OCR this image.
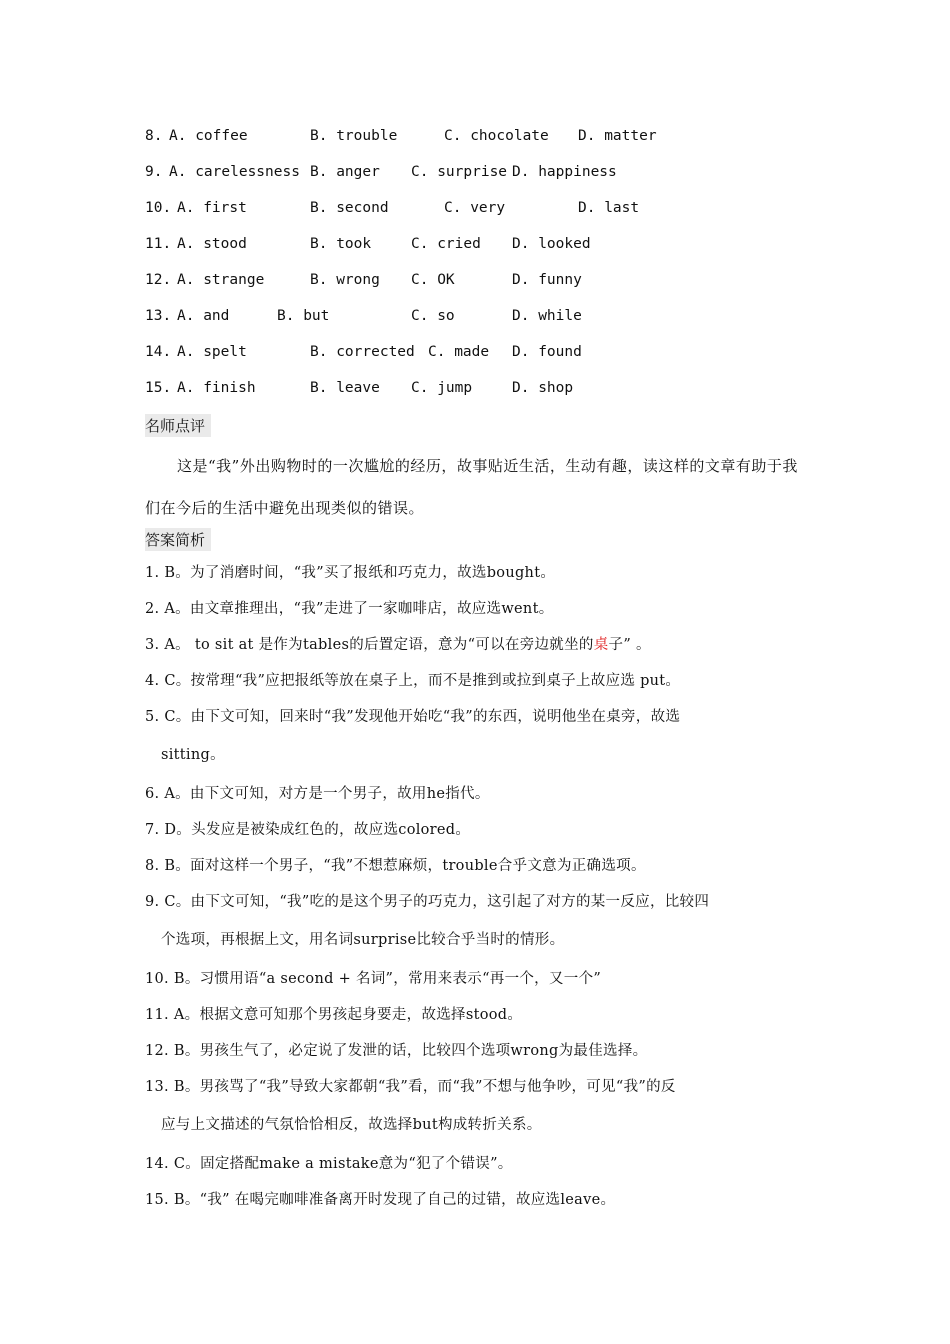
8. A. coffee	B. trouble	C. chocolate D. matter
9. A. carelessness B. anger C. surprise D. happiness
10. A. first	B. second	C. very	D. last
11. A. stood	B. took	C. cried D. looked
12. A. strange	B. wrong C. OK	D. funny
13. A. and	B. but	C. so	D. while
14. A. spelt	B. corrected C. made D. found
15. A. finish	B. leave C. jump	D. shop
名师点评
这是“我”外出购物时的一次尴尬的经历，故事贴近生活，生动有趣，读这样的文章有助于我们在今后的生活中避免出现类似的错误。
答案简析
1. B。为了消磨时间，“我”买了报纸和巧克力，故选bought。
2. A。由文章推理出，“我”走进了一家咖啡店，故应选went。
3. A。 to sit at 是作为tables的后置定语，意为“可以在旁边就坐的桌子” 。
4. C。按常理“我”应把报纸等放在桌子上，而不是推到或拉到桌子上故应选 put。
5. C。由下文可知，回来时“我”发现他开始吃“我”的东西，说明他坐在桌旁，故选
sitting。
6. A。由下文可知，对方是一个男子，故用he指代。
7. D。头发应是被染成红色的，故应选colored。
8. B。面对这样一个男子，“我”不想惹麻烦，trouble合乎文意为正确选项。
9. C。由下文可知，“我”吃的是这个男子的巧克力，这引起了对方的某一反应，比较四
个选项，再根据上文，用名词surprise比较合乎当时的情形。
10. B。习惯用语“a second + 名词”，常用来表示“再一个，又一个”
11. A。根据文意可知那个男孩起身要走，故选择stood。
12. B。男孩生气了，必定说了发泄的话，比较四个选项wrong为最佳选择。
13. B。男孩骂了“我”导致大家都朝“我”看，而“我”不想与他争吵，可见“我”的反
应与上文描述的气氛恰恰相反，故选择but构成转折关系。
14. C。固定搭配make a mistake意为“犯了个错误”。
15. B。“我” 在喝完咖啡准备离开时发现了自己的过错，故应选leave。
